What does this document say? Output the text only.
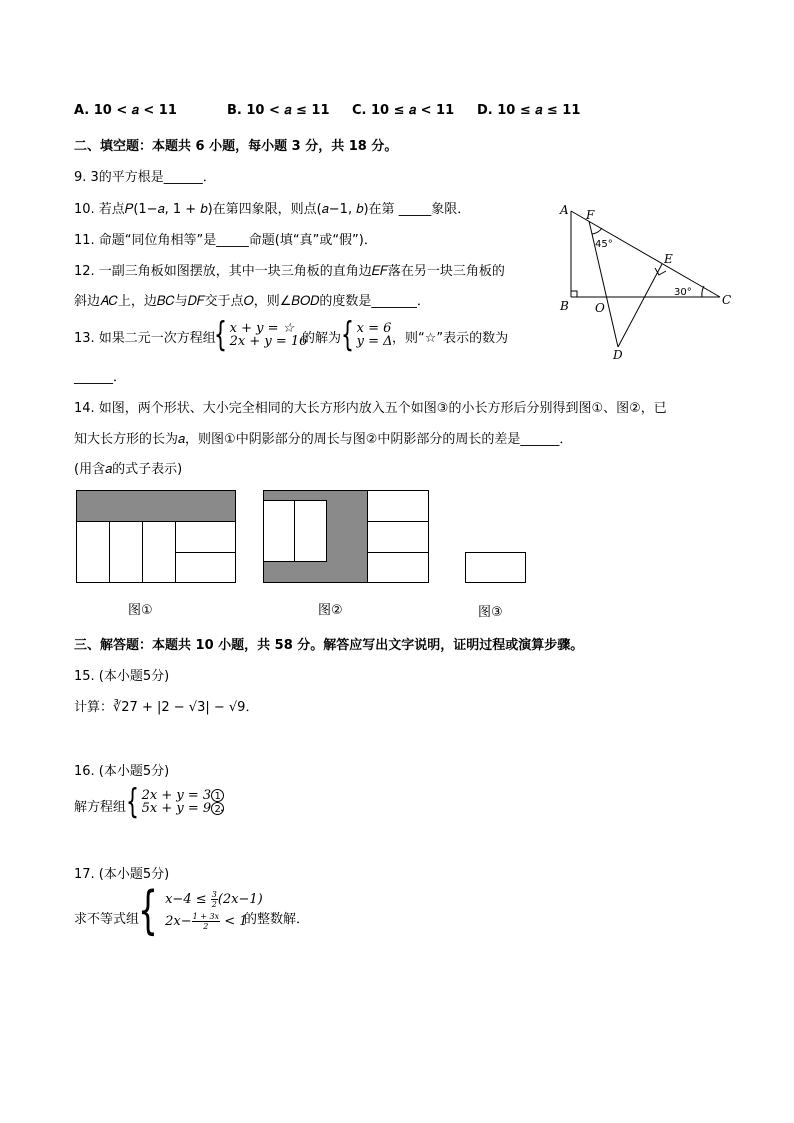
A. 10 < 𝑎 < 11	B. 10 < 𝑎 ≤ 11 C. 10 ≤ 𝑎 < 11 D. 10 ≤ 𝑎 ≤ 11
二、填空题：本题共 6 小题，每小题 3 分，共 18 分。
9. 3的平方根是______．
10. 若点𝑃(1−𝑎, 1 + 𝑏)在第四象限，则点(𝑎−1, 𝑏)在第 _____象限．
11. 命题“同位角相等”是_____命题(填“真”或“假”)．
12. 一副三角板如图摆放，其中一块三角板的直角边𝐸𝐹落在另一块三角板的
斜边𝐴𝐶上，边𝐵𝐶与𝐷𝐹交于点𝑂，则∠𝐵𝑂𝐷的度数是_______．
13. 如果二元一次方程组
{ 𝑥 + 𝑦 = ☆
2𝑥 + 𝑦 = 16
的解为 { 𝑥 = 6
𝑦 = 𝛥 ，则“☆”表示的数为
______．
A F
E
B O
C
D
45°
30°
14. 如图，两个形状、大小完全相同的大长方形内放入五个如图③的小长方形后分别得到图①、图②，已
知大长方形的长为𝑎，则图①中阴影部分的周长与图②中阴影部分的周长的差是______．
(用含𝑎的式子表示)
图①	图②	图③
三、解答题：本题共 10 小题，共 58 分。解答应写出文字说明，证明过程或演算步骤。
15. (本小题5分)
计算：∛27 + |2 − √3| − √9．
16. (本小题5分)
解方程组 { 2𝑥 + 𝑦 = 3 1
5𝑥 + 𝑦 = 9 2 ．
17. (本小题5分)
求不等式组
{ 𝑥−4 ≤ $\frac{3}{2}$ (2𝑥−1)
2𝑥− $\frac{\text{1 + 3𝑥}}{2} < 1$
的整数解．
